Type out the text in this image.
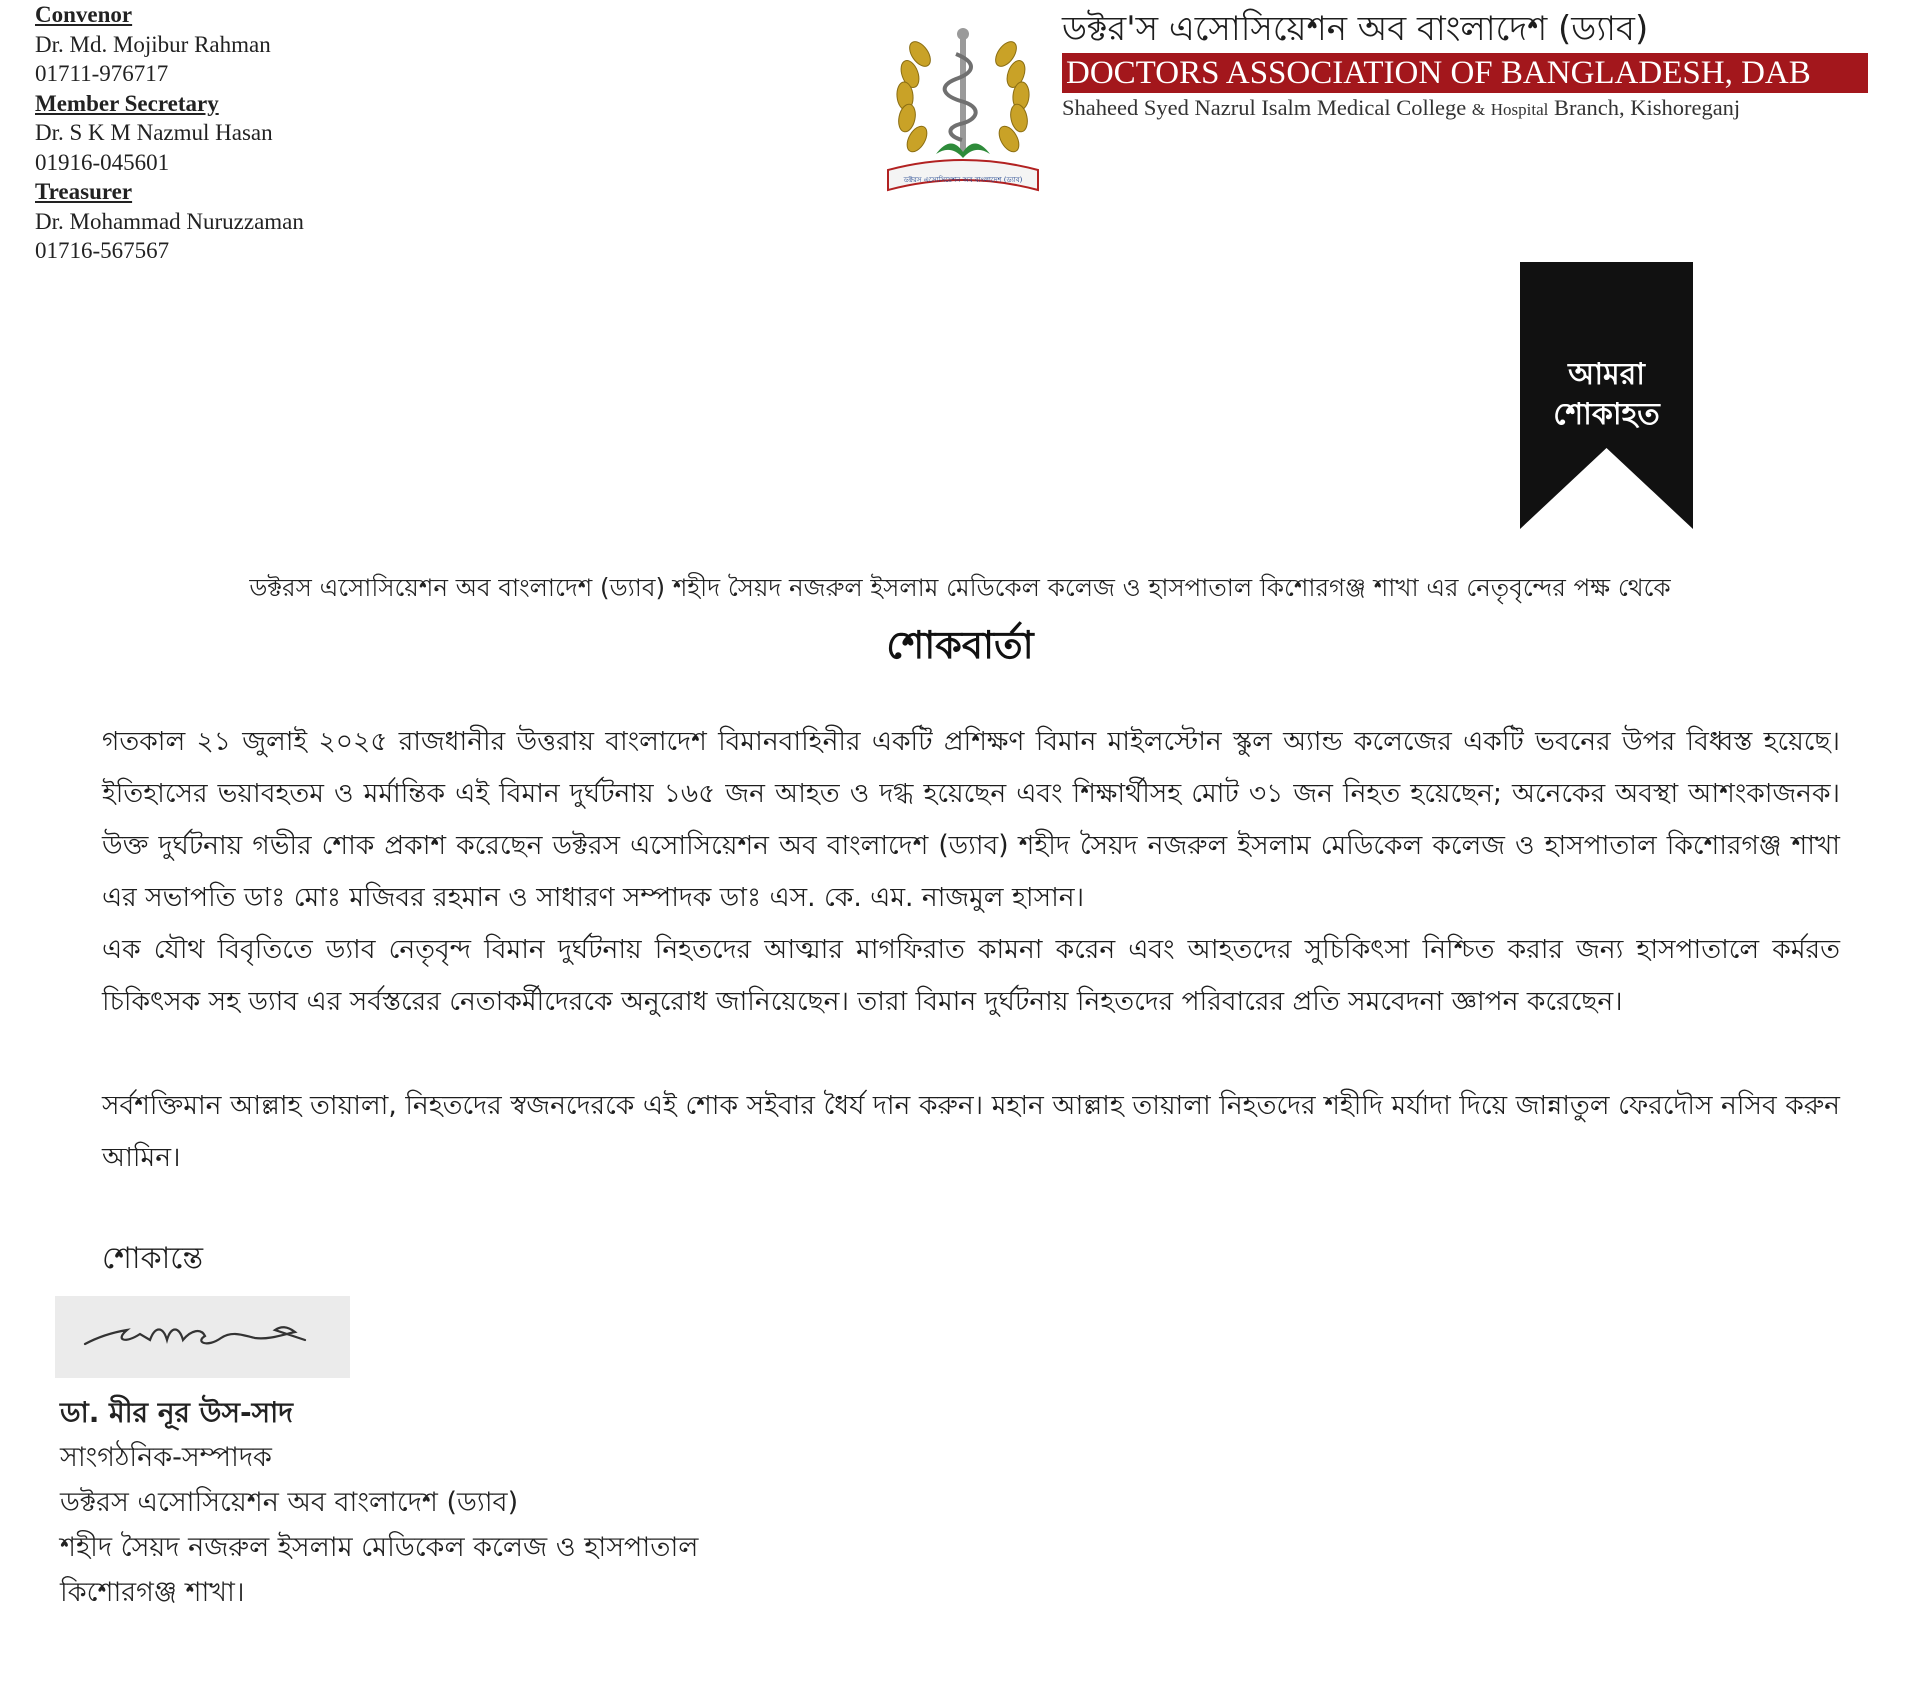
Convenor
Dr. Md. Mojibur Rahman
01711-976717
Member Secretary
Dr. S K M Nazmul Hasan
01916-045601
Treasurer
Dr. Mohammad Nuruzzaman
01716-567567
ডক্টরস এসোসিয়েশন অব বাংলাদেশ (ড্যাব)
ডক্টর'স এসোসিয়েশন অব বাংলাদেশ (ড্যাব)
DOCTORS ASSOCIATION OF BANGLADESH, DAB
Shaheed Syed Nazrul Isalm Medical College & Hospital Branch, Kishoreganj
আমরা
শোকাহত
ডক্টরস এসোসিয়েশন অব বাংলাদেশ (ড্যাব) শহীদ সৈয়দ নজরুল ইসলাম মেডিকেল কলেজ ও হাসপাতাল কিশোরগঞ্জ শাখা এর নেতৃবৃন্দের পক্ষ থেকে
শোকবার্তা
গতকাল ২১ জুলাই ২০২৫ রাজধানীর উত্তরায় বাংলাদেশ বিমানবাহিনীর একটি প্রশিক্ষণ বিমান মাইলস্টোন স্কুল অ্যান্ড কলেজের একটি ভবনের উপর বিধ্বস্ত হয়েছে। ইতিহাসের ভয়াবহতম ও মর্মান্তিক এই বিমান দুর্ঘটনায় ১৬৫ জন আহত ও দগ্ধ হয়েছেন এবং শিক্ষার্থীসহ মোট ৩১ জন নিহত হয়েছেন; অনেকের অবস্থা আশংকাজনক। উক্ত দুর্ঘটনায় গভীর শোক প্রকাশ করেছেন ডক্টরস এসোসিয়েশন অব বাংলাদেশ (ড্যাব) শহীদ সৈয়দ নজরুল ইসলাম মেডিকেল কলেজ ও হাসপাতাল কিশোরগঞ্জ শাখা এর সভাপতি ডাঃ মোঃ মজিবর রহমান ও সাধারণ সম্পাদক ডাঃ এস. কে. এম. নাজমুল হাসান।
এক যৌথ বিবৃতিতে ড্যাব নেতৃবৃন্দ বিমান দুর্ঘটনায় নিহতদের আত্মার মাগফিরাত কামনা করেন এবং আহতদের সুচিকিৎসা নিশ্চিত করার জন্য হাসপাতালে কর্মরত চিকিৎসক সহ ড্যাব এর সর্বস্তরের নেতাকর্মীদেরকে অনুরোধ জানিয়েছেন। তারা বিমান দুর্ঘটনায় নিহতদের পরিবারের প্রতি সমবেদনা জ্ঞাপন করেছেন।
সর্বশক্তিমান আল্লাহ তায়ালা, নিহতদের স্বজনদেরকে এই শোক সইবার ধৈর্য দান করুন। মহান আল্লাহ তায়ালা নিহতদের শহীদি মর্যাদা দিয়ে জান্নাতুল ফেরদৌস নসিব করুন আমিন।
শোকান্তে
ডা. মীর নূর উস-সাদ
সাংগঠনিক-সম্পাদক
ডক্টরস এসোসিয়েশন অব বাংলাদেশ (ড্যাব)
শহীদ সৈয়দ নজরুল ইসলাম মেডিকেল কলেজ ও হাসপাতাল
কিশোরগঞ্জ শাখা।
